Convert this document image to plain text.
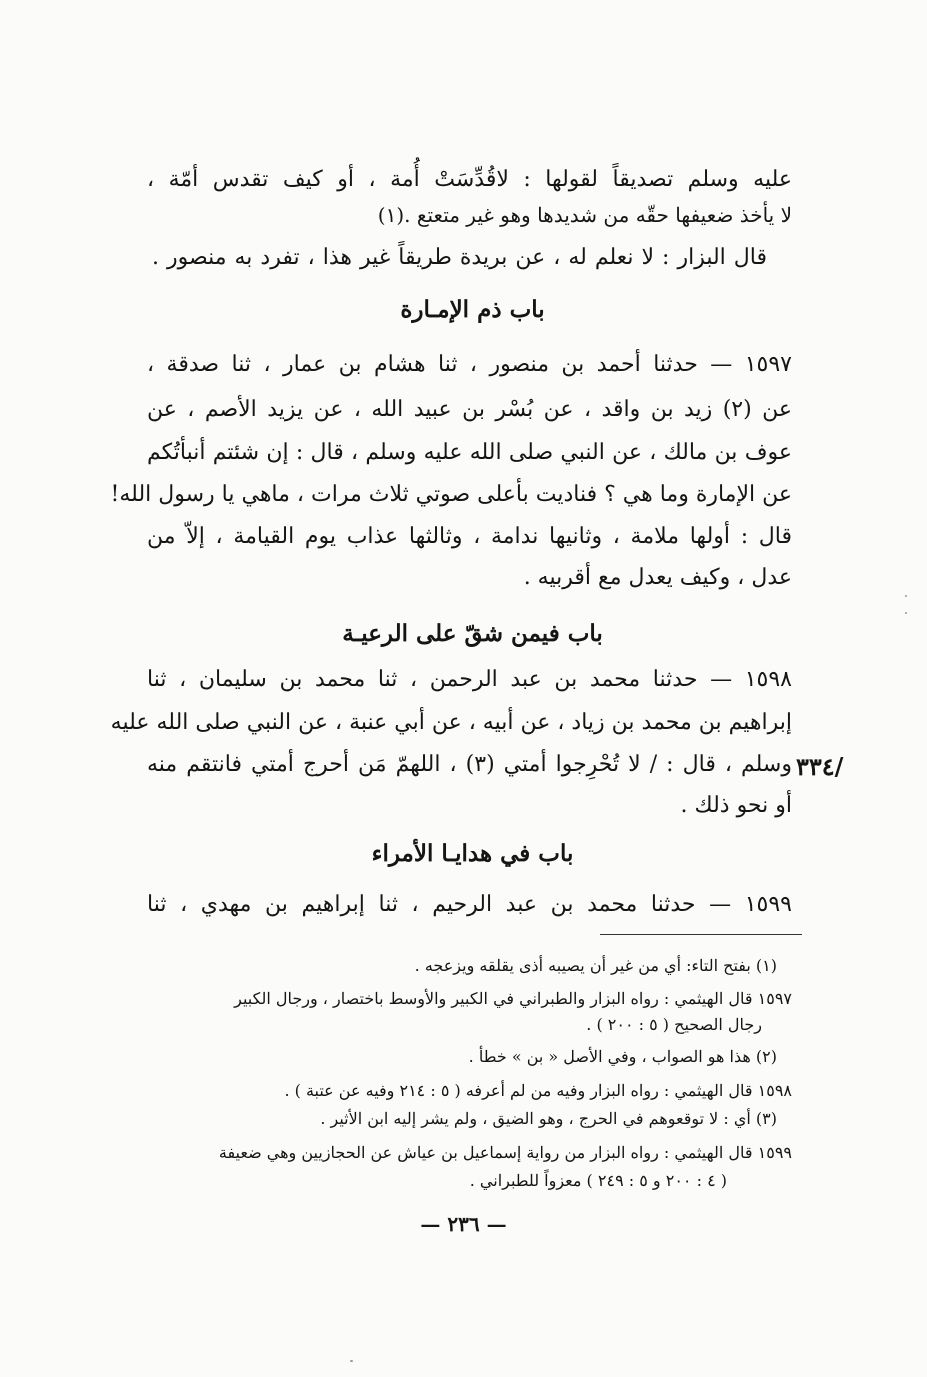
عليه وسلم تصديقاً لقولها : لاقُدِّسَتْ أُمة ، أو كيف تقدس أمّة ،
لا يأخذ ضعيفها حقّه من شديدها وهو غير متعتع .(١)
قال البزار : لا نعلم له ، عن بريدة طريقاً غير هذا ، تفرد به منصور .
باب ذم الإمـارة
١٥٩٧ — حدثنا أحمد بن منصور ، ثنا هشام بن عمار ، ثنا صدقة ،
عن (٢) زيد بن واقد ، عن بُسْر بن عبيد الله ، عن يزيد الأصم ، عن
عوف بن مالك ، عن النبي صلى الله عليه وسلم ، قال : إن شئتم أنبأتُكم
عن الإمارة وما هي ؟ فناديت بأعلى صوتي ثلاث مرات ، ماهي يا رسول الله!
قال : أولها ملامة ، وثانيها ندامة ، وثالثها عذاب يوم القيامة ، إلاّ من
عدل ، وكيف يعدل مع أقربيه .
باب فيمن شقّ على الرعيـة
١٥٩٨ — حدثنا محمد بن عبد الرحمن ، ثنا محمد بن سليمان ، ثنا
إبراهيم بن محمد بن زياد ، عن أبيه ، عن أبي عنبة ، عن النبي صلى الله عليه
وسلم ، قال : / لا تُحْرِجوا أمتي (٣) ، اللهمّ مَن أحرج أمتي فانتقم منه
أو نحو ذلك .
٣٣٤/
باب في هدايـا الأمراء
١٥٩٩ — حدثنا محمد بن عبد الرحيم ، ثنا إبراهيم بن مهدي ، ثنا
(١) بفتح التاء: أي من غير أن يصيبه أذى يقلقه ويزعجه .
١٥٩٧ قال الهيثمي : رواه البزار والطبراني في الكبير والأوسط باختصار ، ورجال الكبير
رجال الصحيح ( ٥ : ٢٠٠ ) .
(٢) هذا هو الصواب ، وفي الأصل « بن » خطأ .
١٥٩٨ قال الهيثمي : رواه البزار وفيه من لم أعرفه ( ٥ : ٢١٤ وفيه عن عتبة ) .
(٣) أي : لا توقعوهم في الحرج ، وهو الضيق ، ولم يشر إليه ابن الأثير .
١٥٩٩ قال الهيثمي : رواه البزار من رواية إسماعيل بن عياش عن الحجازيين وهي ضعيفة
( ٤ : ٢٠٠ و ٥ : ٢٤٩ ) معزواً للطبراني .
— ٢٣٦ —
